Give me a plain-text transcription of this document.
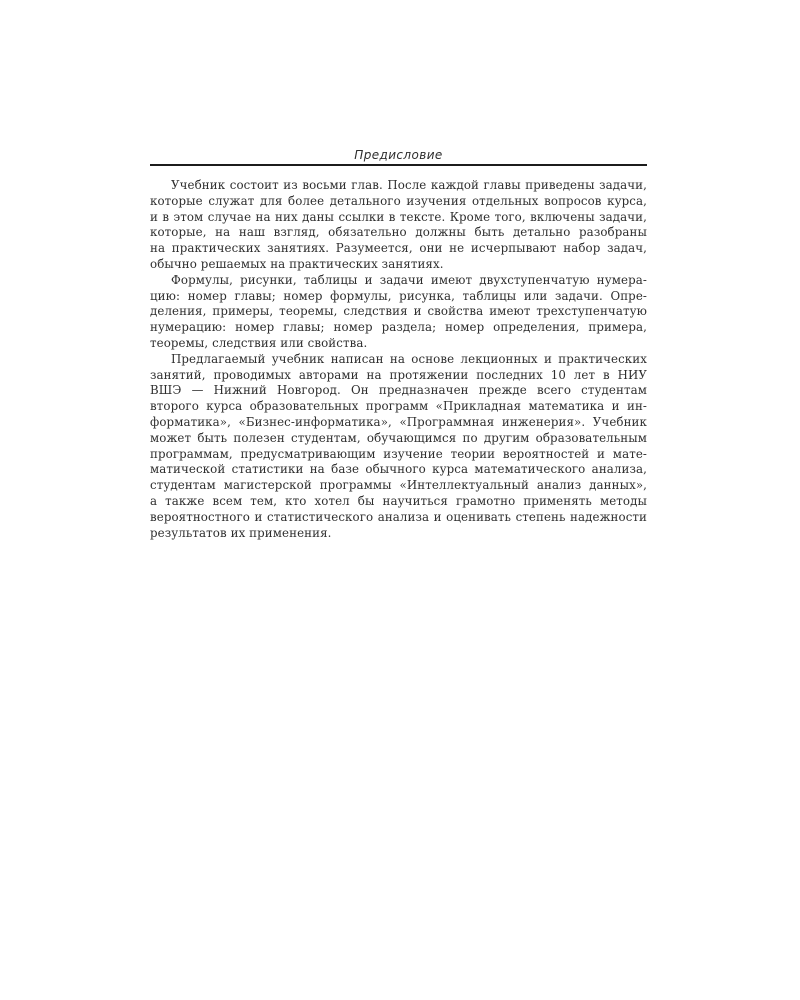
Предисловие
Учебник состоит из восьми глав. После каждой главы приведены задачи,
которые служат для более детального изучения отдельных вопросов курса,
и в этом случае на них даны ссылки в тексте. Кроме того, включены задачи,
которые, на наш взгляд, обязательно должны быть детально разобраны
на практических занятиях. Разумеется, они не исчерпывают набор задач,
обычно решаемых на практических занятиях.
Формулы, рисунки, таблицы и задачи имеют двухступенчатую нумера-
цию: номер главы; номер формулы, рисунка, таблицы или задачи. Опре-
деления, примеры, теоремы, следствия и свойства имеют трехступенчатую
нумерацию: номер главы; номер раздела; номер определения, примера,
теоремы, следствия или свойства.
Предлагаемый учебник написан на основе лекционных и практических
занятий, проводимых авторами на протяжении последних 10 лет в НИУ
ВШЭ — Нижний Новгород. Он предназначен прежде всего студентам
второго курса образовательных программ «Прикладная математика и ин-
форматика», «Бизнес-информатика», «Программная инженерия». Учебник
может быть полезен студентам, обучающимся по другим образовательным
программам, предусматривающим изучение теории вероятностей и мате-
матической статистики на базе обычного курса математического анализа,
студентам магистерской программы «Интеллектуальный анализ данных»,
а также всем тем, кто хотел бы научиться грамотно применять методы
вероятностного и статистического анализа и оценивать степень надежности
результатов их применения.
